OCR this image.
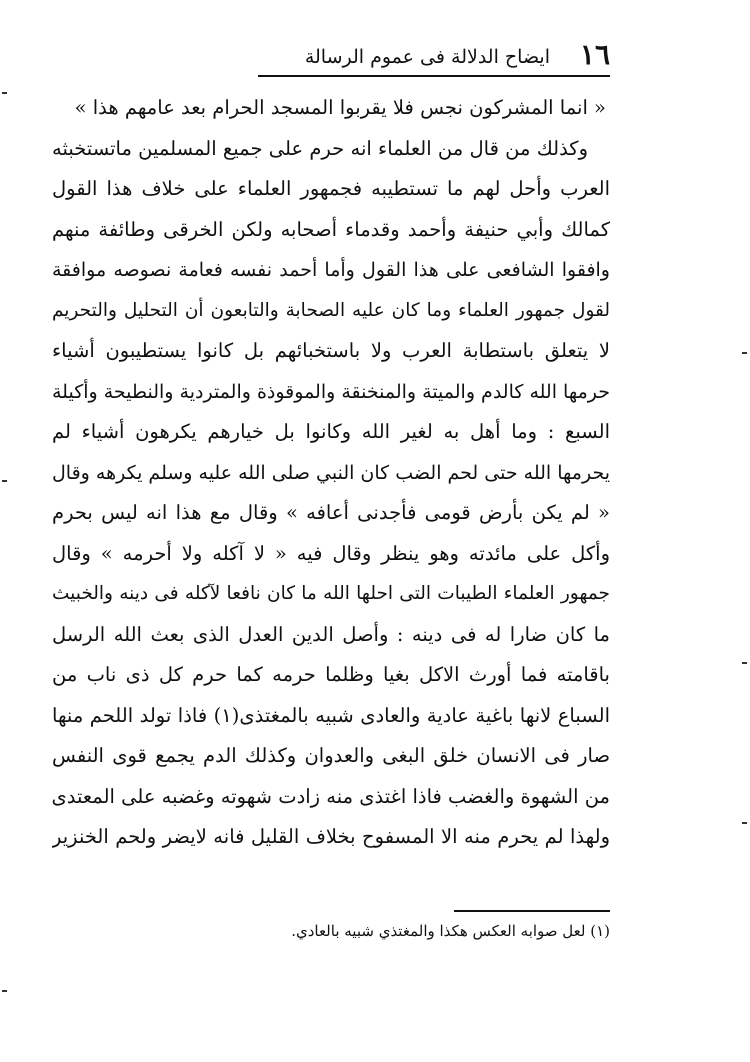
١٦
ايضاح الدلالة فى عموم الرسالة
« انما المشركون نجس فلا يقربوا المسجد الحرام بعد عامهم هذا »
وكذلك من قال من العلماء انه حرم على جميع المسلمين ماتستخبثه
العرب وأحل لهم ما تستطيبه فجمهور العلماء على خلاف هذا القول
كمالك وأبي حنيفة وأحمد وقدماء أصحابه ولكن الخرقى وطائفة منهم
وافقوا الشافعى على هذا القول وأما أحمد نفسه فعامة نصوصه موافقة
لقول جمهور العلماء وما كان عليه الصحابة والتابعون أن التحليل والتحريم
لا يتعلق باستطابة العرب ولا باستخبائهم بل كانوا يستطيبون أشياء
حرمها الله كالدم والميتة والمنخنقة والموقوذة والمتردية والنطيحة وأكيلة
السبع : وما أهل به لغير الله وكانوا بل خيارهم يكرهون أشياء لم
يحرمها الله حتى لحم الضب كان النبي صلى الله عليه وسلم يكرهه وقال
« لم يكن بأرض قومى فأجدنى أعافه » وقال مع هذا انه ليس بحرم
وأكل على مائدته وهو ينظر وقال فيه « لا آكله ولا أحرمه » وقال
جمهور العلماء الطيبات التى احلها الله ما كان نافعا لآكله فى دينه والخبيث
ما كان ضارا له فى دينه : وأصل الدين العدل الذى بعث الله الرسل
باقامته فما أورث الاكل بغيا وظلما حرمه كما حرم كل ذى ناب من
السباع لانها باغية عادية والعادى شبيه بالمغتذى(١) فاذا تولد اللحم منها
صار فى الانسان خلق البغى والعدوان وكذلك الدم يجمع قوى النفس
من الشهوة والغضب فاذا اغتذى منه زادت شهوته وغضبه على المعتدى
ولهذا لم يحرم منه الا المسفوح بخلاف القليل فانه لايضر ولحم الخنزير
(١) لعل صوابه العكس هكذا والمغتذي شبيه بالعادي.
